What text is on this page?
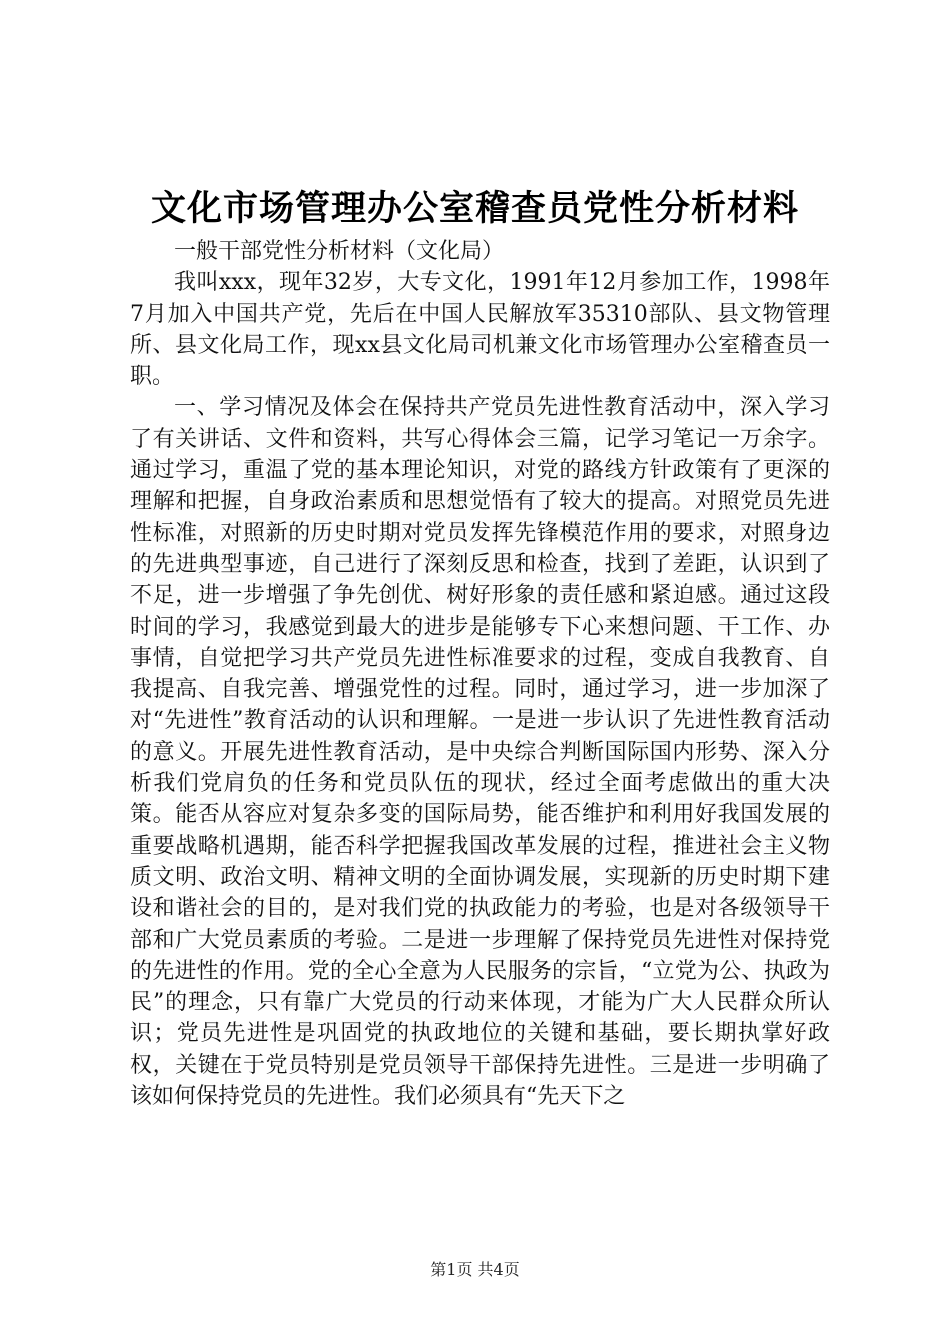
文化市场管理办公室稽查员党性分析材料

一般干部党性分析材料（文化局）

我叫xxx，现年32岁，大专文化，1991年12月参加工作，1998年7月加入中国共产党，先后在中国人民解放军35310部队、县文物管理所、县文化局工作，现xx县文化局司机兼文化市场管理办公室稽查员一职。

一、学习情况及体会在保持共产党员先进性教育活动中，深入学习了有关讲话、文件和资料，共写心得体会三篇，记学习笔记一万余字。通过学习，重温了党的基本理论知识，对党的路线方针政策有了更深的理解和把握，自身政治素质和思想觉悟有了较大的提高。对照党员先进性标准，对照新的历史时期对党员发挥先锋模范作用的要求，对照身边的先进典型事迹，自己进行了深刻反思和检查，找到了差距，认识到了不足，进一步增强了争先创优、树好形象的责任感和紧迫感。通过这段时间的学习，我感觉到最大的进步是能够专下心来想问题、干工作、办事情，自觉把学习共产党员先进性标准要求的过程，变成自我教育、自我提高、自我完善、增强党性的过程。同时，通过学习，进一步加深了对“先进性”教育活动的认识和理解。一是进一步认识了先进性教育活动的意义。开展先进性教育活动，是中央综合判断国际国内形势、深入分析我们党肩负的任务和党员队伍的现状，经过全面考虑做出的重大决策。能否从容应对复杂多变的国际局势，能否维护和利用好我国发展的重要战略机遇期，能否科学把握我国改革发展的过程，推进社会主义物质文明、政治文明、精神文明的全面协调发展，实现新的历史时期下建设和谐社会的目的，是对我们党的执政能力的考验，也是对各级领导干部和广大党员素质的考验。二是进一步理解了保持党员先进性对保持党的先进性的作用。党的全心全意为人民服务的宗旨，“立党为公、执政为民”的理念，只有靠广大党员的行动来体现，才能为广大人民群众所认识；党员先进性是巩固党的执政地位的关键和基础，要长期执掌好政权，关键在于党员特别是党员领导干部保持先进性。三是进一步明确了该如何保持党员的先进性。我们必须具有“先天下之

第1页 共4页
